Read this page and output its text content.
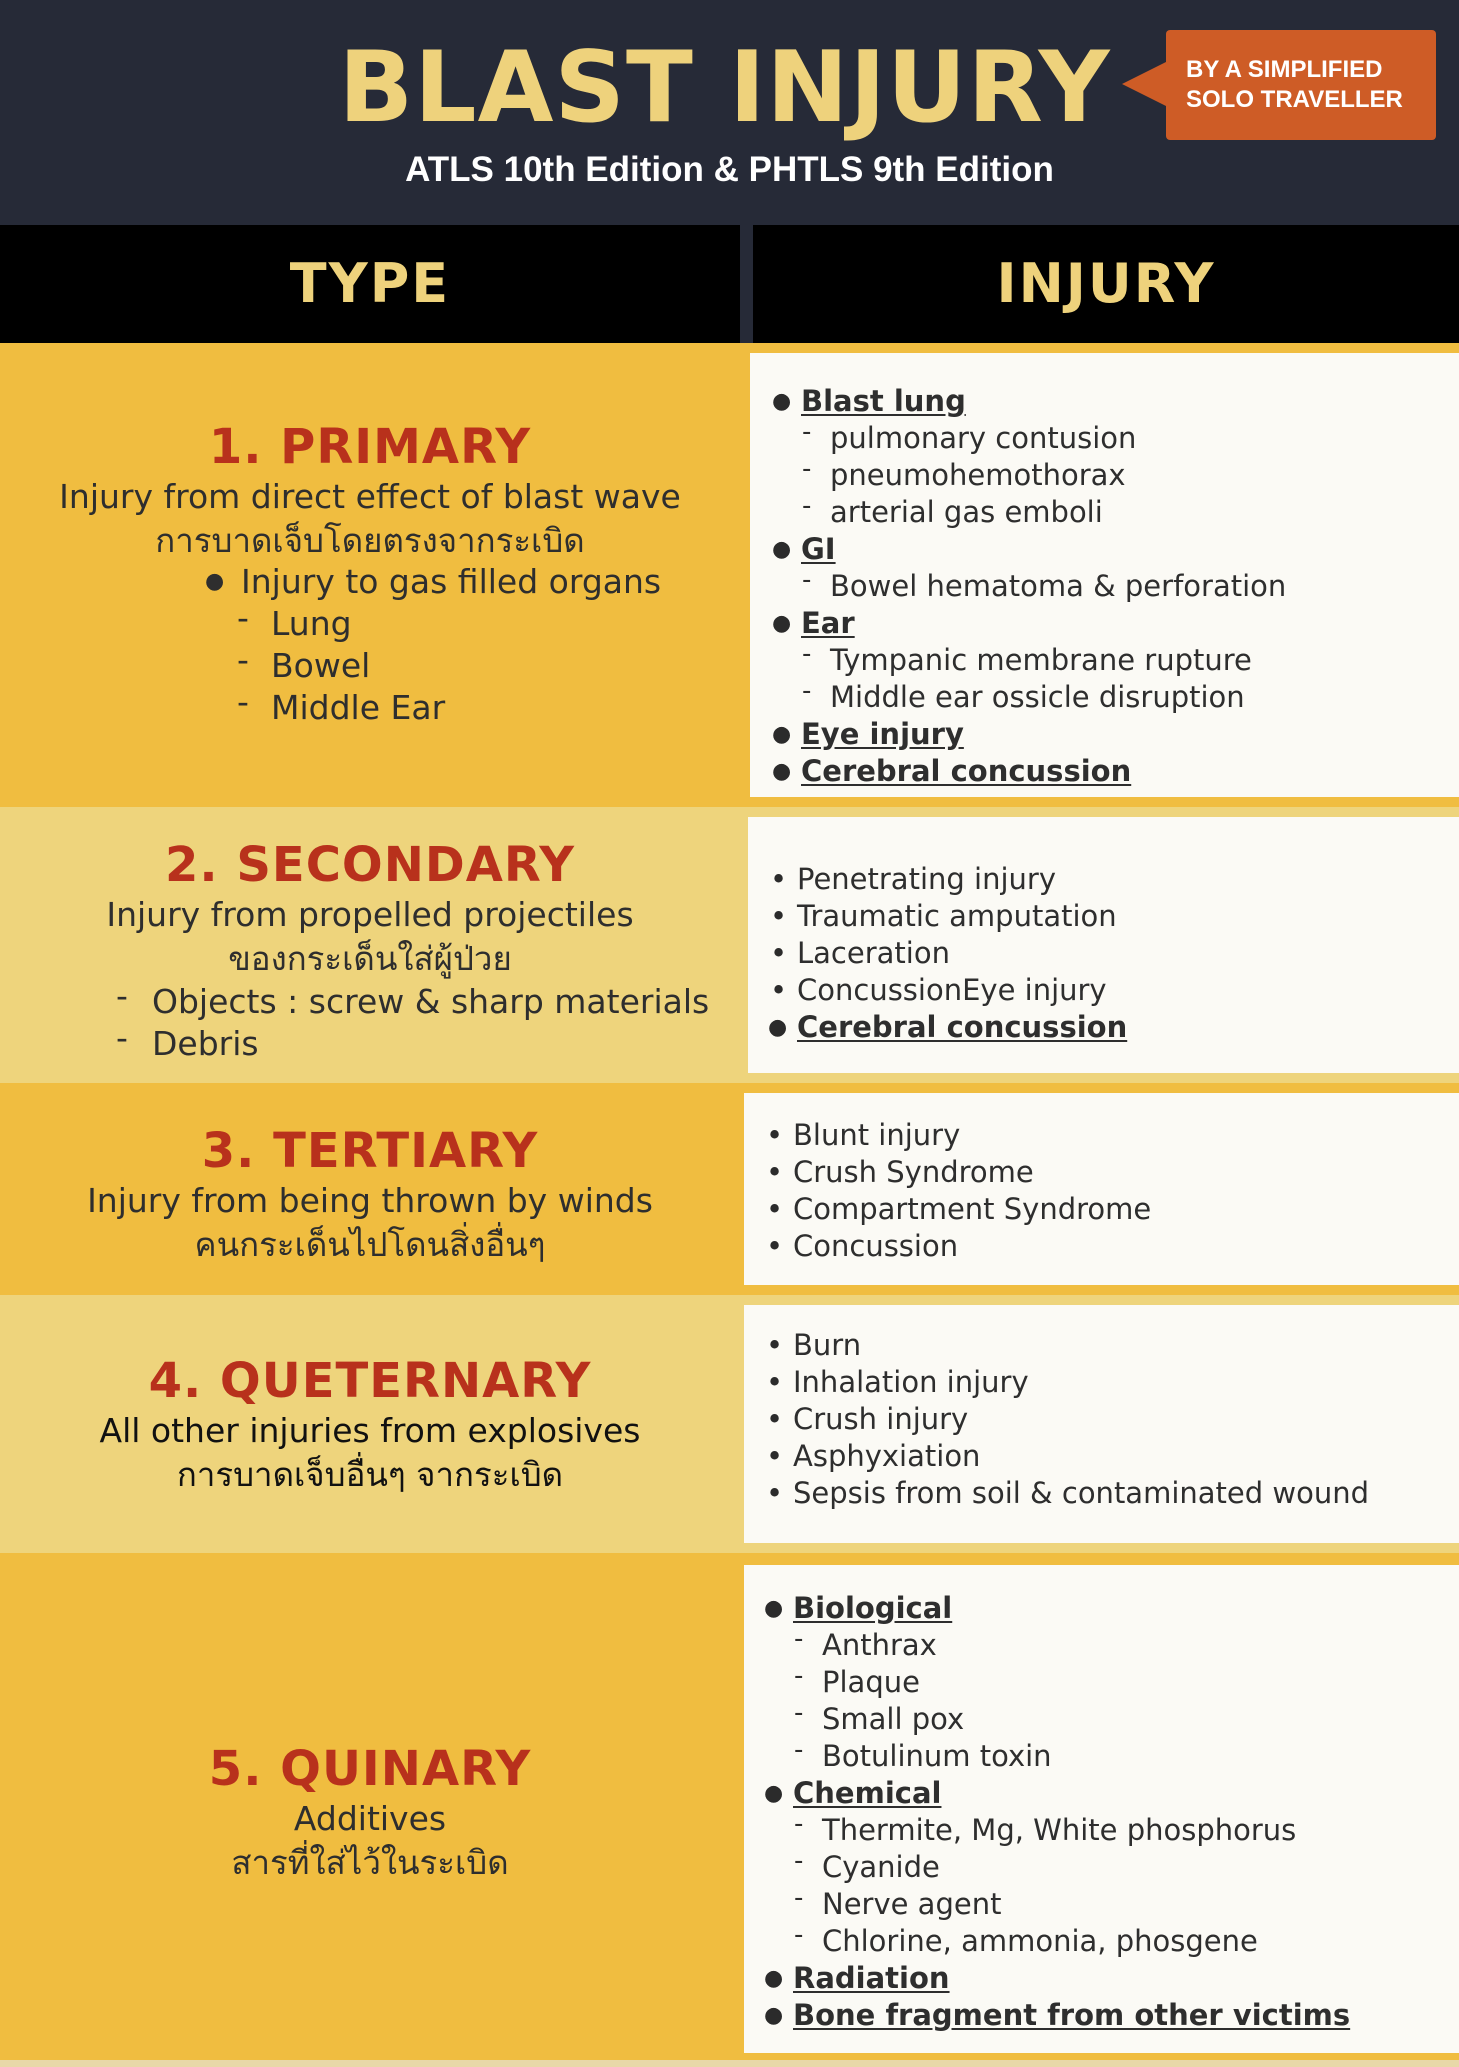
BLAST INJURY
ATLS 10th Edition & PHTLS 9th Edition
BY A SIMPLIFIED
SOLO TRAVELLER
TYPE	INJURY
1. PRIMARY
Injury from direct effect of blast wave
การบาดเจ็บโดยตรงจากระเบิด
● Injury to gas filled organs
- Lung
- Bowel
- Middle Ear
● Blast lung
- pulmonary contusion
- pneumohemothorax
- arterial gas emboli
● GI
- Bowel hematoma & perforation
● Ear
- Tympanic membrane rupture
- Middle ear ossicle disruption
● Eye injury
● Cerebral concussion
2. SECONDARY
Injury from propelled projectiles
ของกระเด็นใส่ผู้ป่วย
- Objects : screw & sharp materials
- Debris
• Penetrating injury
• Traumatic amputation
• Laceration
• ConcussionEye injury
● Cerebral concussion
3. TERTIARY
Injury from being thrown by winds
คนกระเด็นไปโดนสิ่งอื่นๆ
• Blunt injury
• Crush Syndrome
• Compartment Syndrome
• Concussion
4. QUETERNARY
All other injuries from explosives
การบาดเจ็บอื่นๆ จากระเบิด
• Burn
• Inhalation injury
• Crush injury
• Asphyxiation
• Sepsis from soil & contaminated wound
5. QUINARY
Additives
สารที่ใส่ไว้ในระเบิด
● Biological
- Anthrax
- Plaque
- Small pox
- Botulinum toxin
● Chemical
- Thermite, Mg, White phosphorus
- Cyanide
- Nerve agent
- Chlorine, ammonia, phosgene
● Radiation
● Bone fragment from other victims
